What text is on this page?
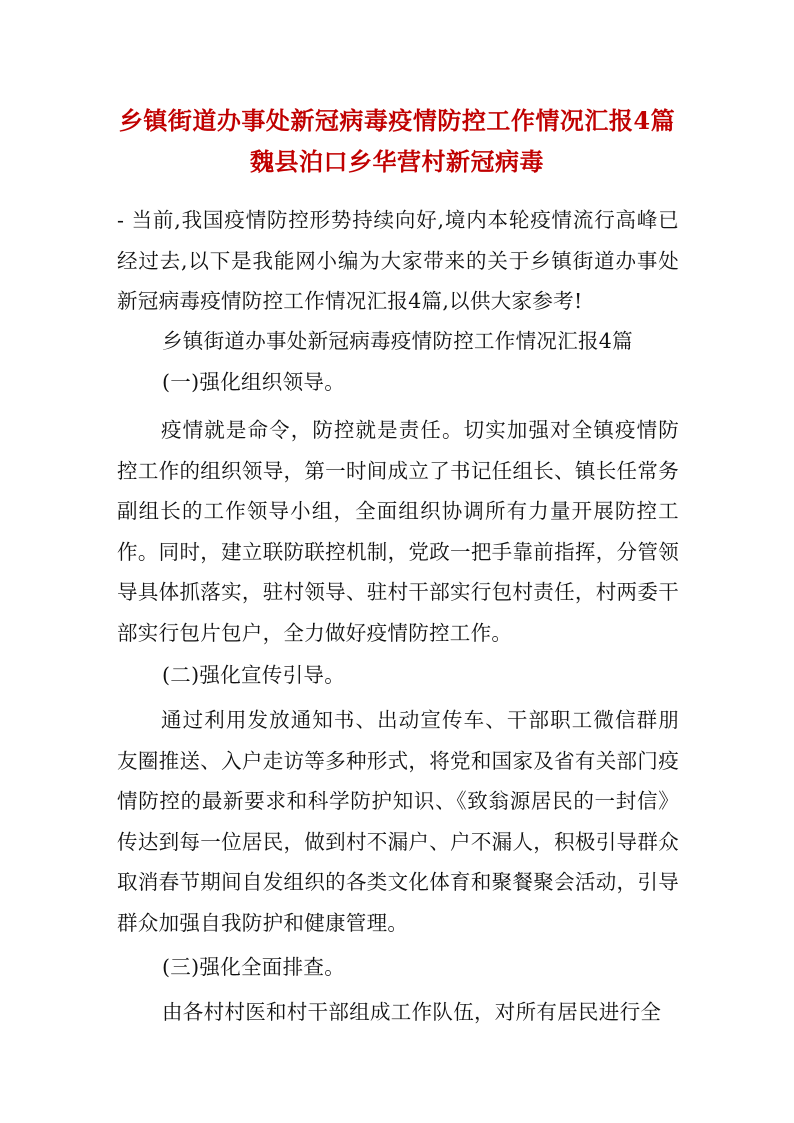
乡镇街道办事处新冠病毒疫情防控工作情况汇报4篇
魏县泊口乡华营村新冠病毒

- 当前,我国疫情防控形势持续向好,境内本轮疫情流行高峰已经过去,以下是我能网小编为大家带来的关于乡镇街道办事处新冠病毒疫情防控工作情况汇报4篇,以供大家参考!

乡镇街道办事处新冠病毒疫情防控工作情况汇报4篇

(一)强化组织领导。

疫情就是命令，防控就是责任。切实加强对全镇疫情防控工作的组织领导，第一时间成立了书记任组长、镇长任常务副组长的工作领导小组，全面组织协调所有力量开展防控工作。同时，建立联防联控机制，党政一把手靠前指挥，分管领导具体抓落实，驻村领导、驻村干部实行包村责任，村两委干部实行包片包户，全力做好疫情防控工作。

(二)强化宣传引导。

通过利用发放通知书、出动宣传车、干部职工微信群朋友圈推送、入户走访等多种形式，将党和国家及省有关部门疫情防控的最新要求和科学防护知识、《致翁源居民的一封信》传达到每一位居民，做到村不漏户、户不漏人，积极引导群众取消春节期间自发组织的各类文化体育和聚餐聚会活动，引导群众加强自我防护和健康管理。

(三)强化全面排查。

由各村村医和村干部组成工作队伍，对所有居民进行全
